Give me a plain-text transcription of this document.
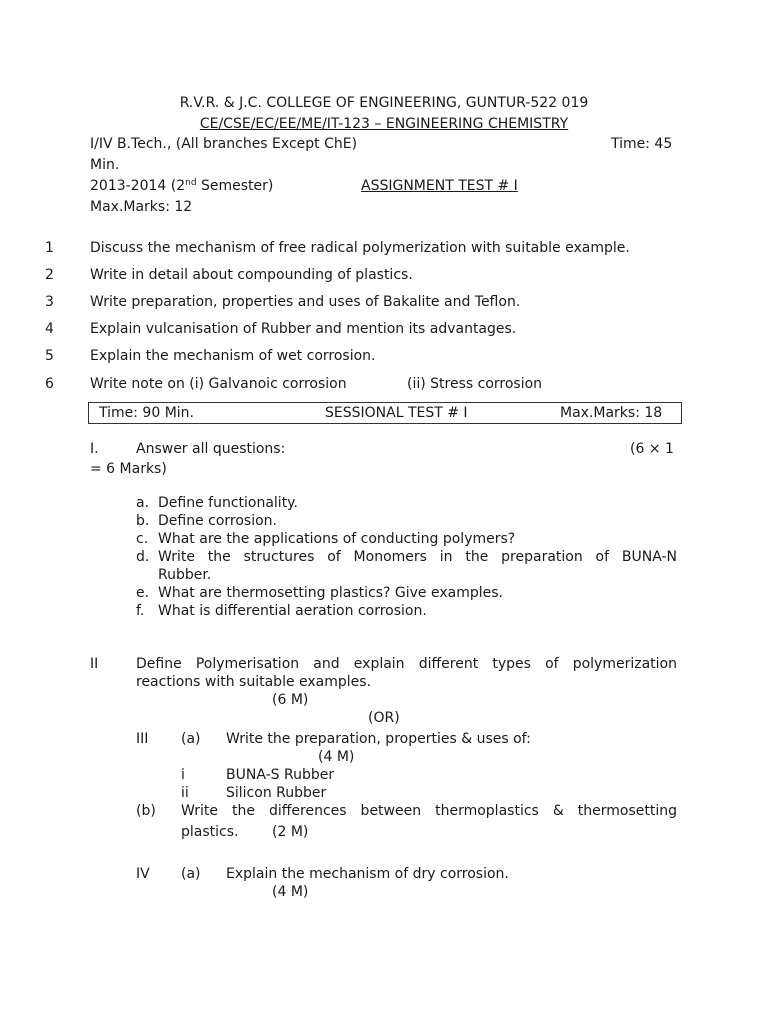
R.V.R. & J.C. COLLEGE OF ENGINEERING, GUNTUR-522 019
CE/CSE/EC/EE/ME/IT-123 – ENGINEERING CHEMISTRY
I/IV B.Tech., (All branches Except ChE)	Time: 45
Min.
2013-2014 (2nd Semester)	ASSIGNMENT TEST # I
Max.Marks: 12
1	Discuss the mechanism of free radical polymerization with suitable example.
2	Write in detail about compounding of plastics.
3	Write preparation, properties and uses of Bakalite and Teflon.
4	Explain vulcanisation of Rubber and mention its advantages.
5	Explain the mechanism of wet corrosion.
6	Write note on (i) Galvanoic corrosion	(ii) Stress corrosion
Time: 90 Min.	SESSIONAL TEST # I	Max.Marks: 18
I.	Answer all questions:	(6 × 1
= 6 Marks)
a. Define functionality.
b. Define corrosion.
c. What are the applications of conducting polymers?
d. Write the structures of Monomers in the preparation of BUNA-N
Rubber.
e. What are thermosetting plastics? Give examples.
f. What is differential aeration corrosion.
II	Define Polymerisation and explain different types of polymerization
reactions with suitable examples.
(6 M)
(OR)
III (a) Write the preparation, properties & uses of:
(4 M)
i	BUNA-S Rubber
ii	Silicon Rubber
(b) Write the differences between thermoplastics & thermosetting
plastics. (2 M)
IV (a) Explain the mechanism of dry corrosion.
(4 M)
